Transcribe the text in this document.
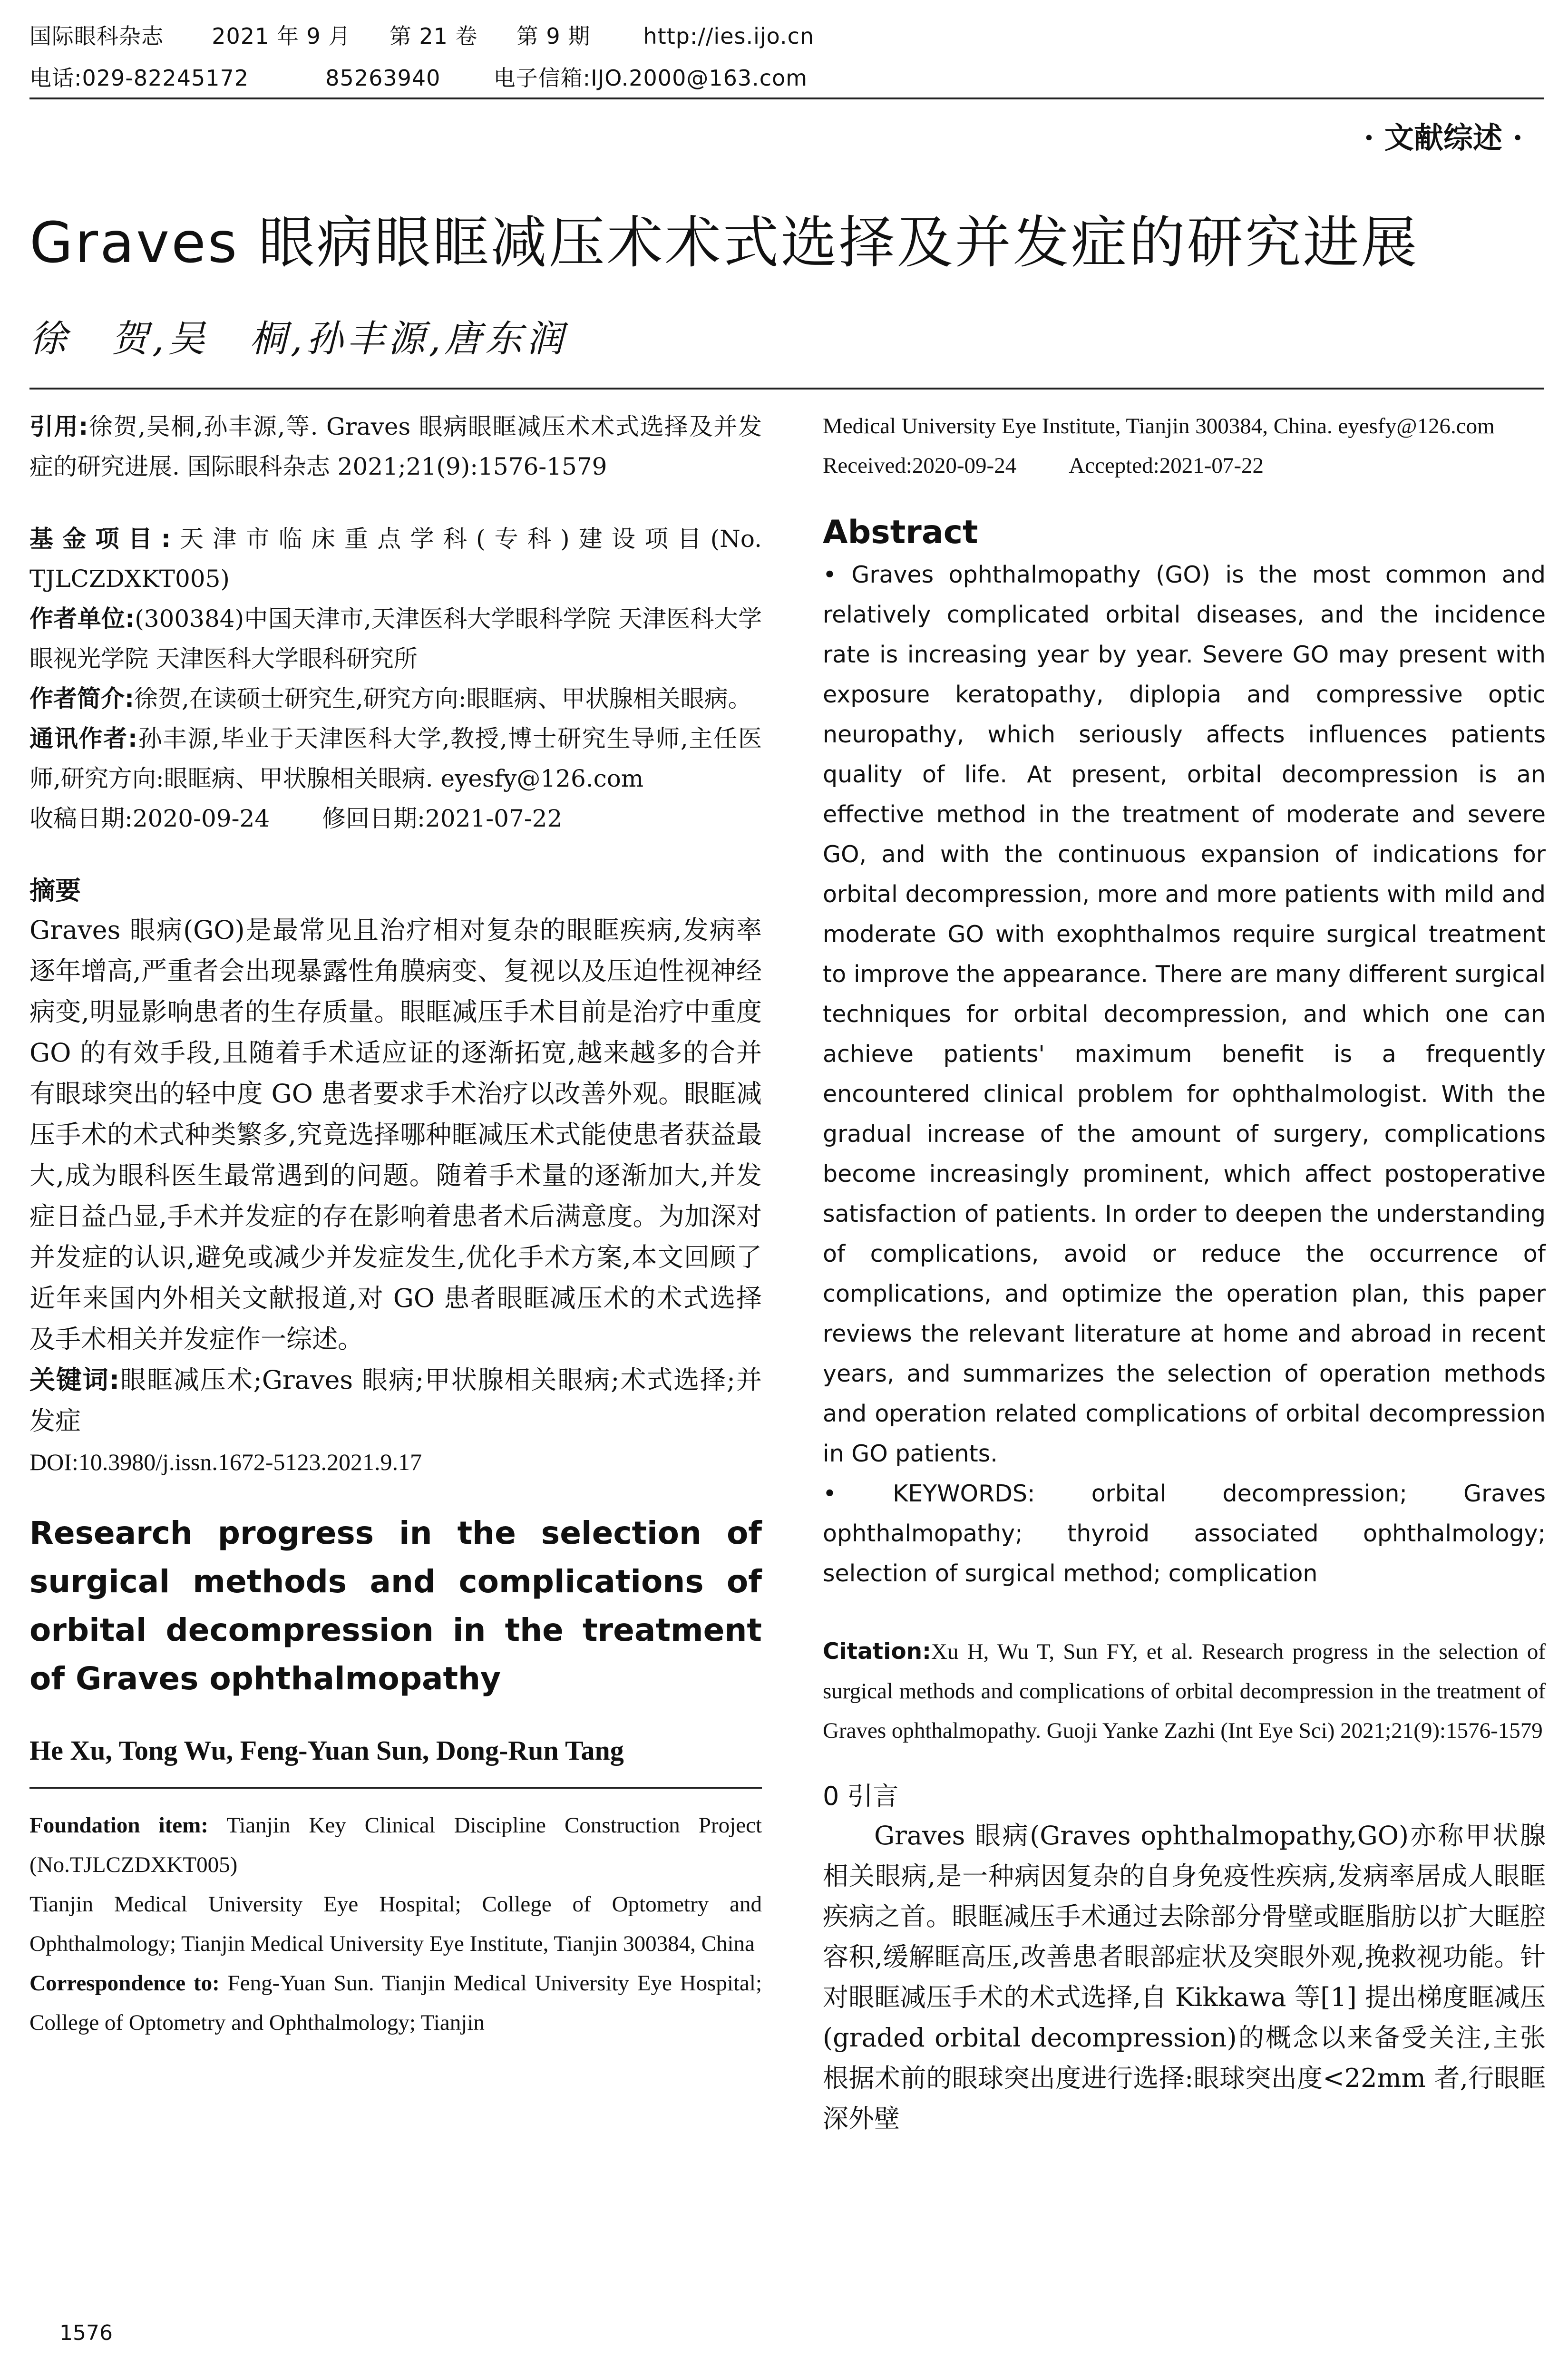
国际眼科杂志 2021 年 9 月 第 21 卷 第 9 期 http://ies.ijo.cn
电话:029-82245172	85263940 电子信箱:IJO.2000@163.com
· 文献综述 ·
Graves 眼病眼眶减压术术式选择及并发症的研究进展
徐　贺,吴　桐,孙丰源,唐东润

引用:徐贺,吴桐,孙丰源,等. Graves 眼病眼眶减压术术式选择及并发症的研究进展. 国际眼科杂志 2021;21(9):1576-1579

基金项目:天津市临床重点学科(专科)建设项目(No. TJLCZDXKT005)

作者单位:(300384)中国天津市,天津医科大学眼科学院 天津医科大学眼视光学院 天津医科大学眼科研究所

作者简介:徐贺,在读硕士研究生,研究方向:眼眶病、甲状腺相关眼病。

通讯作者:孙丰源,毕业于天津医科大学,教授,博士研究生导师,主任医师,研究方向:眼眶病、甲状腺相关眼病. eyesfy@126.com

收稿日期:2020-09-24 修回日期:2021-07-22

摘要

Graves 眼病(GO)是最常见且治疗相对复杂的眼眶疾病,发病率逐年增高,严重者会出现暴露性角膜病变、复视以及压迫性视神经病变,明显影响患者的生存质量。眼眶减压手术目前是治疗中重度 GO 的有效手段,且随着手术适应证的逐渐拓宽,越来越多的合并有眼球突出的轻中度 GO 患者要求手术治疗以改善外观。眼眶减压手术的术式种类繁多,究竟选择哪种眶减压术式能使患者获益最大,成为眼科医生最常遇到的问题。随着手术量的逐渐加大,并发症日益凸显,手术并发症的存在影响着患者术后满意度。为加深对并发症的认识,避免或减少并发症发生,优化手术方案,本文回顾了近年来国内外相关文献报道,对 GO 患者眼眶减压术的术式选择及手术相关并发症作一综述。

关键词:眼眶减压术;Graves 眼病;甲状腺相关眼病;术式选择;并发症

DOI:10.3980/j.issn.1672-5123.2021.9.17

Research progress in the selection of surgical methods and complications of orbital decompression in the treatment of Graves ophthalmopathy

He Xu, Tong Wu, Feng-Yuan Sun, Dong-Run Tang

Foundation item: Tianjin Key Clinical Discipline Construction Project (No.TJLCZDXKT005)

Tianjin Medical University Eye Hospital; College of Optometry and Ophthalmology; Tianjin Medical University Eye Institute, Tianjin 300384, China

Correspondence to: Feng-Yuan Sun. Tianjin Medical University Eye Hospital; College of Optometry and Ophthalmology; Tianjin

Medical University Eye Institute, Tianjin 300384, China. eyesfy@126.com

Received:2020-09-24 Accepted:2021-07-22

Abstract

• Graves ophthalmopathy (GO) is the most common and relatively complicated orbital diseases, and the incidence rate is increasing year by year. Severe GO may present with exposure keratopathy, diplopia and compressive optic neuropathy, which seriously affects influences patients quality of life. At present, orbital decompression is an effective method in the treatment of moderate and severe GO, and with the continuous expansion of indications for orbital decompression, more and more patients with mild and moderate GO with exophthalmos require surgical treatment to improve the appearance. There are many different surgical techniques for orbital decompression, and which one can achieve patients' maximum benefit is a frequently encountered clinical problem for ophthalmologist. With the gradual increase of the amount of surgery, complications become increasingly prominent, which affect postoperative satisfaction of patients. In order to deepen the understanding of complications, avoid or reduce the occurrence of complications, and optimize the operation plan, this paper reviews the relevant literature at home and abroad in recent years, and summarizes the selection of operation methods and operation related complications of orbital decompression in GO patients.

• KEYWORDS: orbital decompression; Graves ophthalmopathy; thyroid associated ophthalmology; selection of surgical method; complication

Citation:Xu H, Wu T, Sun FY, et al. Research progress in the selection of surgical methods and complications of orbital decompression in the treatment of Graves ophthalmopathy. Guoji Yanke Zazhi (Int Eye Sci) 2021;21(9):1576-1579

0 引言

Graves 眼病(Graves ophthalmopathy,GO)亦称甲状腺相关眼病,是一种病因复杂的自身免疫性疾病,发病率居成人眼眶疾病之首。眼眶减压手术通过去除部分骨壁或眶脂肪以扩大眶腔容积,缓解眶高压,改善患者眼部症状及突眼外观,挽救视功能。针对眼眶减压手术的术式选择,自 Kikkawa 等[1] 提出梯度眶减压(graded orbital decompression)的概念以来备受关注,主张根据术前的眼球突出度进行选择:眼球突出度<22mm 者,行眼眶深外壁

1576
